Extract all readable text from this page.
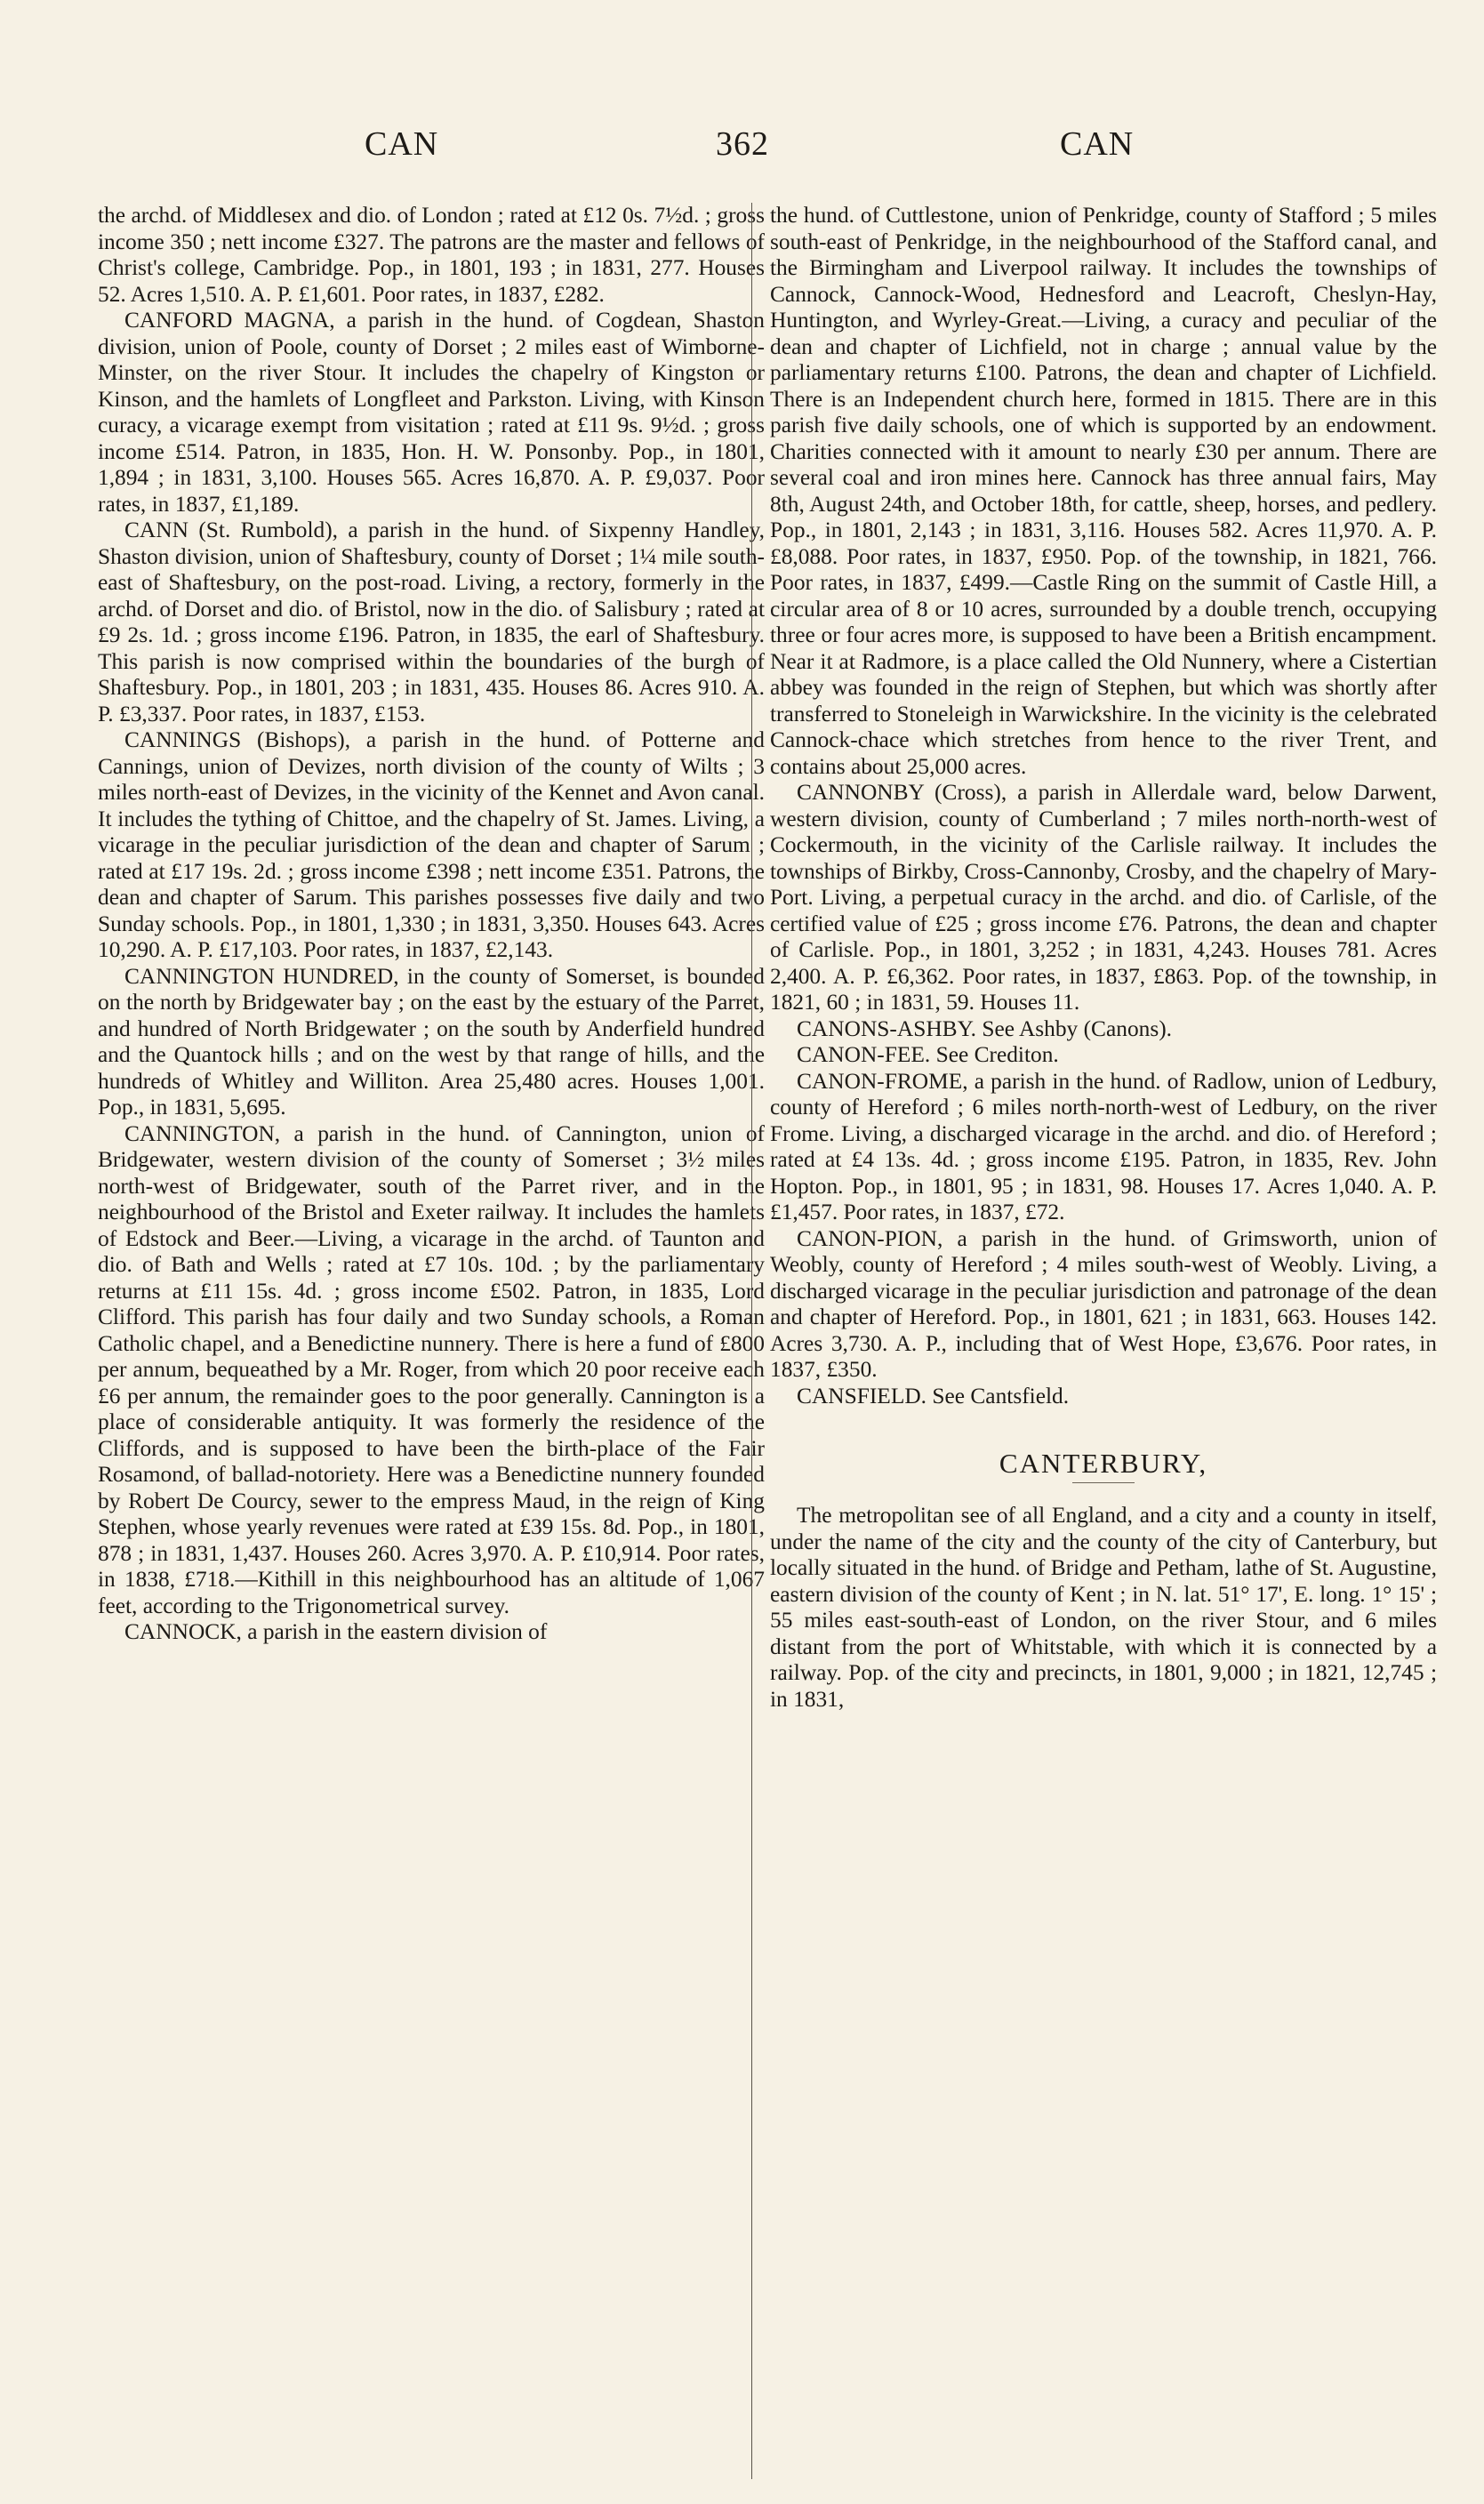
CAN	362	CAN

the archd. of Middlesex and dio. of London ; rated at £12 0s. 7½d. ; gross income 350 ; nett income £327. The patrons are the master and fellows of Christ's college, Cambridge. Pop., in 1801, 193 ; in 1831, 277. Houses 52. Acres 1,510. A. P. £1,601. Poor rates, in 1837, £282.

CANFORD MAGNA, a parish in the hund. of Cogdean, Shaston division, union of Poole, county of Dorset ; 2 miles east of Wimborne-Minster, on the river Stour. It includes the chapelry of Kingston or Kinson, and the hamlets of Longfleet and Parkston. Living, with Kinson curacy, a vicarage exempt from visitation ; rated at £11 9s. 9½d. ; gross income £514. Patron, in 1835, Hon. H. W. Ponsonby. Pop., in 1801, 1,894 ; in 1831, 3,100. Houses 565. Acres 16,870. A. P. £9,037. Poor rates, in 1837, £1,189.

CANN (St. Rumbold), a parish in the hund. of Sixpenny Handley, Shaston division, union of Shaftesbury, county of Dorset ; 1¼ mile south-east of Shaftesbury, on the post-road. Living, a rectory, formerly in the archd. of Dorset and dio. of Bristol, now in the dio. of Salisbury ; rated at £9 2s. 1d. ; gross income £196. Patron, in 1835, the earl of Shaftesbury. This parish is now comprised within the boundaries of the burgh of Shaftesbury. Pop., in 1801, 203 ; in 1831, 435. Houses 86. Acres 910. A. P. £3,337. Poor rates, in 1837, £153.

CANNINGS (Bishops), a parish in the hund. of Potterne and Cannings, union of Devizes, north division of the county of Wilts ; 3 miles north-east of Devizes, in the vicinity of the Kennet and Avon canal. It includes the tything of Chittoe, and the chapelry of St. James. Living, a vicarage in the peculiar jurisdiction of the dean and chapter of Sarum ; rated at £17 19s. 2d. ; gross income £398 ; nett income £351. Patrons, the dean and chapter of Sarum. This parishes possesses five daily and two Sunday schools. Pop., in 1801, 1,330 ; in 1831, 3,350. Houses 643. Acres 10,290. A. P. £17,103. Poor rates, in 1837, £2,143.

CANNINGTON HUNDRED, in the county of Somerset, is bounded on the north by Bridgewater bay ; on the east by the estuary of the Parret, and hundred of North Bridgewater ; on the south by Anderfield hundred and the Quantock hills ; and on the west by that range of hills, and the hundreds of Whitley and Williton. Area 25,480 acres. Houses 1,001. Pop., in 1831, 5,695.

CANNINGTON, a parish in the hund. of Cannington, union of Bridgewater, western division of the county of Somerset ; 3½ miles north-west of Bridgewater, south of the Parret river, and in the neighbourhood of the Bristol and Exeter railway. It includes the hamlets of Edstock and Beer.—Living, a vicarage in the archd. of Taunton and dio. of Bath and Wells ; rated at £7 10s. 10d. ; by the parliamentary returns at £11 15s. 4d. ; gross income £502. Patron, in 1835, Lord Clifford. This parish has four daily and two Sunday schools, a Roman Catholic chapel, and a Benedictine nunnery. There is here a fund of £800 per annum, bequeathed by a Mr. Roger, from which 20 poor receive each £6 per annum, the remainder goes to the poor generally. Cannington is a place of considerable antiquity. It was formerly the residence of the Cliffords, and is supposed to have been the birth-place of the Fair Rosamond, of ballad-notoriety. Here was a Benedictine nunnery founded by Robert De Courcy, sewer to the empress Maud, in the reign of King Stephen, whose yearly revenues were rated at £39 15s. 8d. Pop., in 1801, 878 ; in 1831, 1,437. Houses 260. Acres 3,970. A. P. £10,914. Poor rates, in 1838, £718.—Kithill in this neighbourhood has an altitude of 1,067 feet, according to the Trigonometrical survey.

CANNOCK, a parish in the eastern division of

the hund. of Cuttlestone, union of Penkridge, county of Stafford ; 5 miles south-east of Penkridge, in the neighbourhood of the Stafford canal, and the Birmingham and Liverpool railway. It includes the townships of Cannock, Cannock-Wood, Hednesford and Leacroft, Cheslyn-Hay, Huntington, and Wyrley-Great.—Living, a curacy and peculiar of the dean and chapter of Lichfield, not in charge ; annual value by the parliamentary returns £100. Patrons, the dean and chapter of Lichfield. There is an Independent church here, formed in 1815. There are in this parish five daily schools, one of which is supported by an endowment. Charities connected with it amount to nearly £30 per annum. There are several coal and iron mines here. Cannock has three annual fairs, May 8th, August 24th, and October 18th, for cattle, sheep, horses, and pedlery. Pop., in 1801, 2,143 ; in 1831, 3,116. Houses 582. Acres 11,970. A. P. £8,088. Poor rates, in 1837, £950. Pop. of the township, in 1821, 766. Poor rates, in 1837, £499.—Castle Ring on the summit of Castle Hill, a circular area of 8 or 10 acres, surrounded by a double trench, occupying three or four acres more, is supposed to have been a British encampment. Near it at Radmore, is a place called the Old Nunnery, where a Cistertian abbey was founded in the reign of Stephen, but which was shortly after transferred to Stoneleigh in Warwickshire. In the vicinity is the celebrated Cannock-chace which stretches from hence to the river Trent, and contains about 25,000 acres.

CANNONBY (Cross), a parish in Allerdale ward, below Darwent, western division, county of Cumberland ; 7 miles north-north-west of Cockermouth, in the vicinity of the Carlisle railway. It includes the townships of Birkby, Cross-Cannonby, Crosby, and the chapelry of Mary-Port. Living, a perpetual curacy in the archd. and dio. of Carlisle, of the certified value of £25 ; gross income £76. Patrons, the dean and chapter of Carlisle. Pop., in 1801, 3,252 ; in 1831, 4,243. Houses 781. Acres 2,400. A. P. £6,362. Poor rates, in 1837, £863. Pop. of the township, in 1821, 60 ; in 1831, 59. Houses 11.

CANONS-ASHBY. See Ashby (Canons).

CANON-FEE. See Crediton.

CANON-FROME, a parish in the hund. of Radlow, union of Ledbury, county of Hereford ; 6 miles north-north-west of Ledbury, on the river Frome. Living, a discharged vicarage in the archd. and dio. of Hereford ; rated at £4 13s. 4d. ; gross income £195. Patron, in 1835, Rev. John Hopton. Pop., in 1801, 95 ; in 1831, 98. Houses 17. Acres 1,040. A. P. £1,457. Poor rates, in 1837, £72.

CANON-PION, a parish in the hund. of Grimsworth, union of Weobly, county of Hereford ; 4 miles south-west of Weobly. Living, a discharged vicarage in the peculiar jurisdiction and patronage of the dean and chapter of Hereford. Pop., in 1801, 621 ; in 1831, 663. Houses 142. Acres 3,730. A. P., including that of West Hope, £3,676. Poor rates, in 1837, £350.

CANSFIELD. See Cantsfield.

CANTERBURY,

The metropolitan see of all England, and a city and a county in itself, under the name of the city and the county of the city of Canterbury, but locally situated in the hund. of Bridge and Petham, lathe of St. Augustine, eastern division of the county of Kent ; in N. lat. 51° 17', E. long. 1° 15' ; 55 miles east-south-east of London, on the river Stour, and 6 miles distant from the port of Whitstable, with which it is connected by a railway. Pop. of the city and precincts, in 1801, 9,000 ; in 1821, 12,745 ; in 1831,
